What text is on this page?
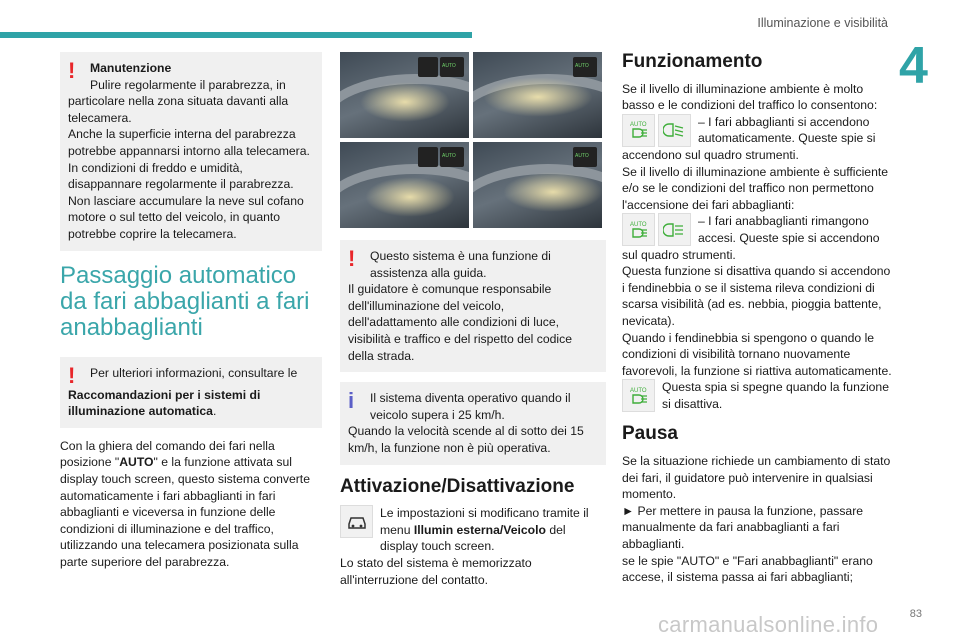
Illuminazione e visibilità
4
!	Manutenzione
Pulire regolarmente il parabrezza, in
particolare nella zona situata davanti alla telecamera.
Anche la superficie interna del parabrezza potrebbe appannarsi intorno alla telecamera. In condizioni di freddo e umidità, disappannare regolarmente il parabrezza.
Non lasciare accumulare la neve sul cofano motore o sul tetto del veicolo, in quanto potrebbe coprire la telecamera.
Passaggio automatico da fari abbaglianti a fari anabbaglianti
!	Per ulteriori informazioni, consultare le
Raccomandazioni per i sistemi di illuminazione automatica.
Con la ghiera del comando dei fari nella posizione "AUTO" e la funzione attivata sul display touch screen, questo sistema converte automaticamente i fari abbaglianti in fari abbaglianti e viceversa in funzione delle condizioni di illuminazione e del traffico, utilizzando una telecamera posizionata sulla parte superiore del parabrezza.
AUTO
AUTO
AUTO
AUTO
!	Questo sistema è una funzione di assistenza alla guida.
Il guidatore è comunque responsabile dell'illuminazione del veicolo, dell'adattamento alle condizioni di luce, visibilità e traffico e del rispetto del codice della strada.
i	Il sistema diventa operativo quando il veicolo supera i 25 km/h.
Quando la velocità scende al di sotto dei 15 km/h, la funzione non è più operativa.
Attivazione/Disattivazione
Le impostazioni si modificano tramite il menu Illumin esterna/Veicolo del display touch screen.
Lo stato del sistema è memorizzato all'interruzione del contatto.
Funzionamento
Se il livello di illuminazione ambiente è molto basso e le condizioni del traffico lo consentono:
AUTO	– I fari abbaglianti si accendono automaticamente. Queste spie si
accendono sul quadro strumenti.
Se il livello di illuminazione ambiente è sufficiente e/o se le condizioni del traffico non permettono l'accensione dei fari abbaglianti:
AUTO	– I fari anabbaglianti rimangono accesi. Queste spie si accendono
sul quadro strumenti.
Questa funzione si disattiva quando si accendono i fendinebbia o se il sistema rileva condizioni di scarsa visibilità (ad es. nebbia, pioggia battente, nevicata).
Quando i fendinebbia si spengono o quando le condizioni di visibilità tornano nuovamente favorevoli, la funzione si riattiva automaticamente.
AUTO Questa spia si spegne quando la funzione si disattiva.
Pausa
Se la situazione richiede un cambiamento di stato dei fari, il guidatore può intervenire in qualsiasi momento.
► Per mettere in pausa la funzione, passare manualmente da fari anabbaglianti a fari abbaglianti.
se le spie "AUTO" e "Fari anabbaglianti" erano accese, il sistema passa ai fari abbaglianti;
carmanualsonline.info	83
